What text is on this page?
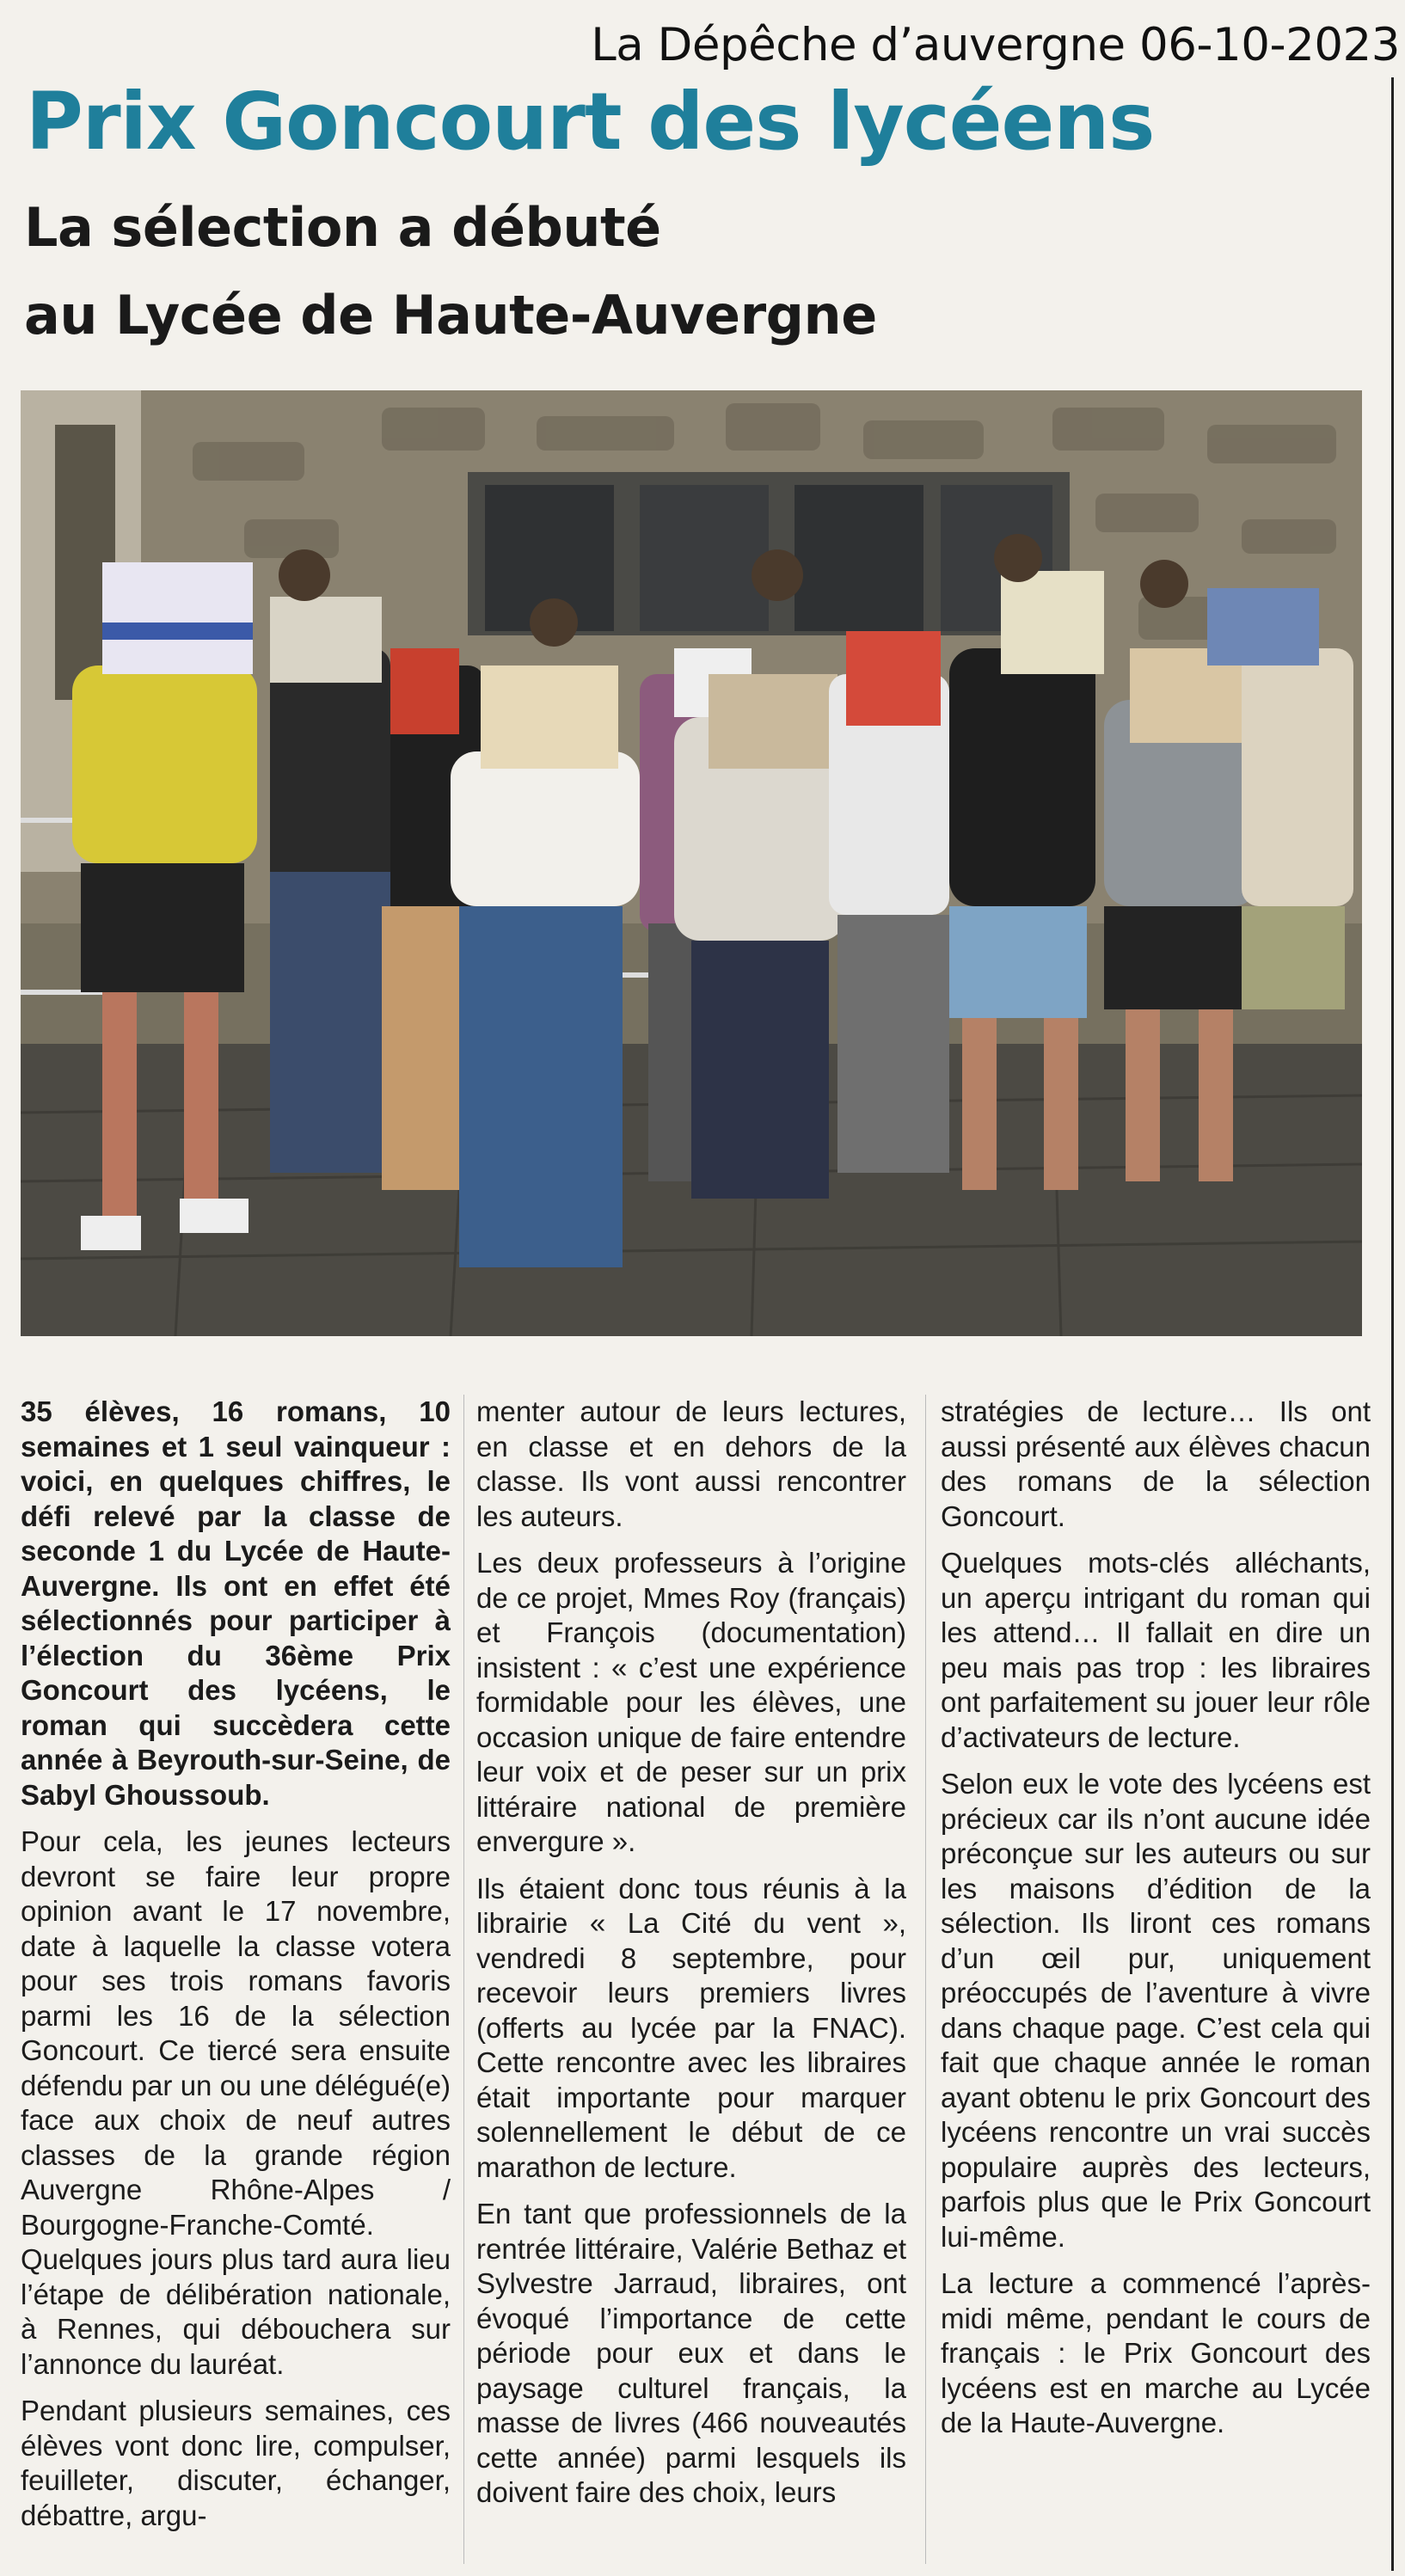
La Dépêche d’auvergne 06-10-2023
Prix Goncourt des lycéens
La sélection a débuté
au Lycée de Haute-Auvergne

35 élèves, 16 romans, 10 semaines et 1 seul vainqueur : voici, en quelques chiffres, le défi relevé par la classe de seconde 1 du Lycée de Haute-Auvergne. Ils ont en effet été sélectionnés pour participer à l’élection du 36ème Prix Goncourt des lycéens, le roman qui succèdera cette année à Beyrouth-sur-Seine, de Sabyl Ghoussoub.

Pour cela, les jeunes lecteurs devront se faire leur propre opinion avant le 17 novembre, date à laquelle la classe votera pour ses trois romans favoris parmi les 16 de la sélection Goncourt. Ce tiercé sera ensuite défendu par un ou une délégué(e) face aux choix de neuf autres classes de la grande région Auvergne Rhône-Alpes / Bourgogne-Franche-Comté. Quelques jours plus tard aura lieu l’étape de délibération nationale, à Rennes, qui débouchera sur l’annonce du lauréat.

Pendant plusieurs semaines, ces élèves vont donc lire, compulser, feuilleter, discuter, échanger, débattre, argu-

menter autour de leurs lectures, en classe et en dehors de la classe. Ils vont aussi rencontrer les auteurs.

Les deux professeurs à l’origine de ce projet, Mmes Roy (français) et François (documentation) insistent : « c’est une expérience formidable pour les élèves, une occasion unique de faire entendre leur voix et de peser sur un prix littéraire national de première envergure ».

Ils étaient donc tous réunis à la librairie « La Cité du vent », vendredi 8 septembre, pour recevoir leurs premiers livres (offerts au lycée par la FNAC). Cette rencontre avec les libraires était importante pour marquer solennellement le début de ce marathon de lecture.

En tant que professionnels de la rentrée littéraire, Valérie Bethaz et Sylvestre Jarraud, libraires, ont évoqué l’importance de cette période pour eux et dans le paysage culturel français, la masse de livres (466 nouveautés cette année) parmi lesquels ils doivent faire des choix, leurs

stratégies de lecture… Ils ont aussi présenté aux élèves chacun des romans de la sélection Goncourt.

Quelques mots-clés alléchants, un aperçu intrigant du roman qui les attend… Il fallait en dire un peu mais pas trop : les libraires ont parfaitement su jouer leur rôle d’activateurs de lecture.

Selon eux le vote des lycéens est précieux car ils n’ont aucune idée préconçue sur les auteurs ou sur les maisons d’édition de la sélection. Ils liront ces romans d’un œil pur, uniquement préoccupés de l’aventure à vivre dans chaque page. C’est cela qui fait que chaque année le roman ayant obtenu le prix Goncourt des lycéens rencontre un vrai succès populaire auprès des lecteurs, parfois plus que le Prix Goncourt lui-même.

La lecture a commencé l’après-midi même, pendant le cours de français : le Prix Goncourt des lycéens est en marche au Lycée de la Haute-Auvergne.
